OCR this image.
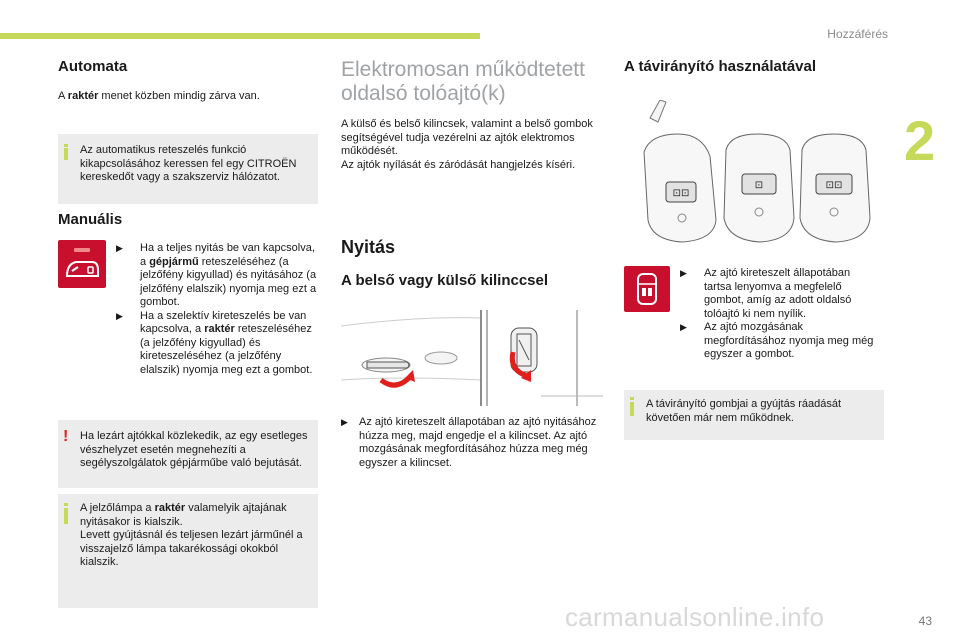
Hozzáférés
2
Automata
A raktér menet közben mindig zárva van.
Az automatikus reteszelés funkció kikapcsolásához keressen fel egy CITROËN kereskedőt vagy a szakszerviz hálózatot.
Manuális
▶︎ Ha a teljes nyitás be van kapcsolva, a gépjármű reteszeléséhez (a jelzőfény kigyullad) és nyitásához (a jelzőfény elalszik) nyomja meg ezt a gombot.
▶︎ Ha a szelektív kireteszelés be van kapcsolva, a raktér reteszeléséhez (a jelzőfény kigyullad) és kireteszeléséhez (a jelzőfény elalszik) nyomja meg ezt a gombot.
! Ha lezárt ajtókkal közlekedik, az egy esetleges vészhelyzet esetén megnehezíti a segélyszolgálatok gépjárműbe való bejutását.
A jelzőlámpa a raktér valamelyik ajtajának nyitásakor is kialszik.
Levett gyújtásnál és teljesen lezárt járműnél a visszajelző lámpa takarékossági okokból kialszik.
Elektromosan működtetett
oldalsó tolóajtó(k)
A külső és belső kilincsek, valamint a belső gombok segítségével tudja vezérelni az ajtók elektromos működését.
Az ajtók nyílását és záródását hangjelzés kíséri.
Nyitás
A belső vagy külső kilinccsel
▶︎ Az ajtó kireteszelt állapotában az ajtó nyitásához húzza meg, majd engedje el a kilincset. Az ajtó mozgásának megfordításához húzza meg még egyszer a kilincset.
A távirányító használatával
⊡⊡
⊡	⊡⊡
▶︎ Az ajtó kireteszelt állapotában tartsa lenyomva a megfelelő gombot, amíg az adott oldalsó tolóajtó ki nem nyílik.
▶︎ Az ajtó mozgásának megfordításához nyomja meg még egyszer a gombot.
A távirányító gombjai a gyújtás ráadását követően már nem működnek.
carmanualsonline.info	43
